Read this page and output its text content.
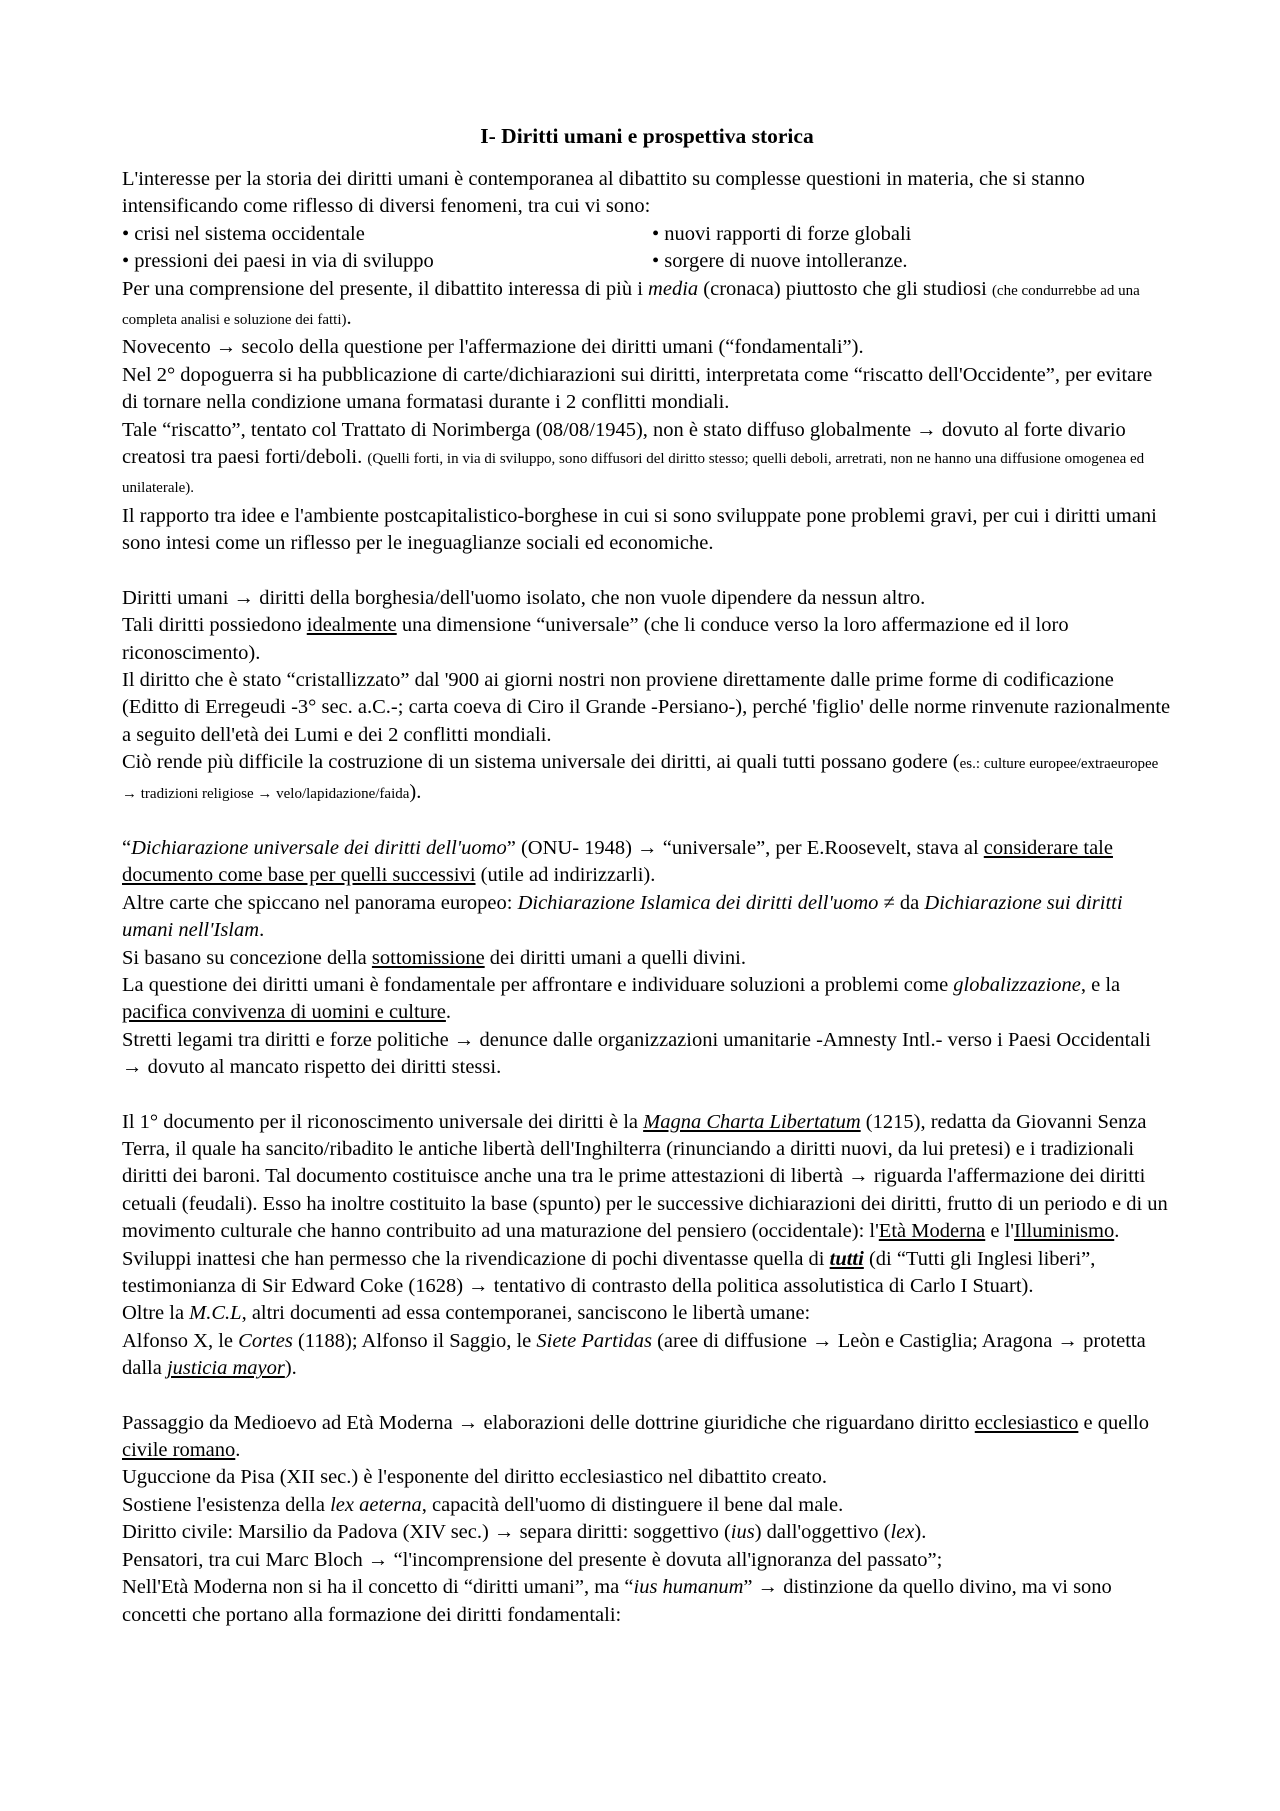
I- Diritti umani e prospettiva storica

L'interesse per la storia dei diritti umani è contemporanea al dibattito su complesse questioni in materia, che si stanno intensificando come riflesso di diversi fenomeni, tra cui vi sono:

• crisi nel sistema occidentale	• nuovi rapporti di forze globali
• pressioni dei paesi in via di sviluppo	• sorgere di nuove intolleranze.

Per una comprensione del presente, il dibattito interessa di più i media (cronaca) piuttosto che gli studiosi (che condurrebbe ad una completa analisi e soluzione dei fatti).

Novecento → secolo della questione per l'affermazione dei diritti umani (“fondamentali”).

Nel 2° dopoguerra si ha pubblicazione di carte/dichiarazioni sui diritti, interpretata come “riscatto dell'Occidente”, per evitare di tornare nella condizione umana formatasi durante i 2 conflitti mondiali.

Tale “riscatto”, tentato col Trattato di Norimberga (08/08/1945), non è stato diffuso globalmente → dovuto al forte divario creatosi tra paesi forti/deboli. (Quelli forti, in via di sviluppo, sono diffusori del diritto stesso; quelli deboli, arretrati, non ne hanno una diffusione omogenea ed unilaterale).

Il rapporto tra idee e l'ambiente postcapitalistico-borghese in cui si sono sviluppate pone problemi gravi, per cui i diritti umani sono intesi come un riflesso per le ineguaglianze sociali ed economiche.

Diritti umani → diritti della borghesia/dell'uomo isolato, che non vuole dipendere da nessun altro.

Tali diritti possiedono idealmente una dimensione “universale” (che li conduce verso la loro affermazione ed il loro riconoscimento).

Il diritto che è stato “cristallizzato” dal '900 ai giorni nostri non proviene direttamente dalle prime forme di codificazione (Editto di Erregeudi -3° sec. a.C.-; carta coeva di Ciro il Grande -Persiano-), perché 'figlio' delle norme rinvenute razionalmente a seguito dell'età dei Lumi e dei 2 conflitti mondiali.

Ciò rende più difficile la costruzione di un sistema universale dei diritti, ai quali tutti possano godere (es.: culture europee/extraeuropee → tradizioni religiose → velo/lapidazione/faida).

“Dichiarazione universale dei diritti dell'uomo” (ONU- 1948) → “universale”, per E.Roosevelt, stava al considerare tale documento come base per quelli successivi (utile ad indirizzarli).

Altre carte che spiccano nel panorama europeo: Dichiarazione Islamica dei diritti dell'uomo ≠ da Dichiarazione sui diritti umani nell'Islam.

Si basano su concezione della sottomissione dei diritti umani a quelli divini.

La questione dei diritti umani è fondamentale per affrontare e individuare soluzioni a problemi come globalizzazione, e la pacifica convivenza di uomini e culture.

Stretti legami tra diritti e forze politiche → denunce dalle organizzazioni umanitarie -Amnesty Intl.- verso i Paesi Occidentali → dovuto al mancato rispetto dei diritti stessi.

Il 1° documento per il riconoscimento universale dei diritti è la Magna Charta Libertatum (1215), redatta da Giovanni Senza Terra, il quale ha sancito/ribadito le antiche libertà dell'Inghilterra (rinunciando a diritti nuovi, da lui pretesi) e i tradizionali diritti dei baroni. Tal documento costituisce anche una tra le prime attestazioni di libertà → riguarda l'affermazione dei diritti cetuali (feudali). Esso ha inoltre costituito la base (spunto) per le successive dichiarazioni dei diritti, frutto di un periodo e di un movimento culturale che hanno contribuito ad una maturazione del pensiero (occidentale): l'Età Moderna e l'Illuminismo.

Sviluppi inattesi che han permesso che la rivendicazione di pochi diventasse quella di tutti (di “Tutti gli Inglesi liberi”, testimonianza di Sir Edward Coke (1628) → tentativo di contrasto della politica assolutistica di Carlo I Stuart).

Oltre la M.C.L, altri documenti ad essa contemporanei, sanciscono le libertà umane:

Alfonso X, le Cortes (1188); Alfonso il Saggio, le Siete Partidas (aree di diffusione → Leòn e Castiglia; Aragona → protetta dalla justicia mayor).

Passaggio da Medioevo ad Età Moderna → elaborazioni delle dottrine giuridiche che riguardano diritto ecclesiastico e quello civile romano.

Uguccione da Pisa (XII sec.) è l'esponente del diritto ecclesiastico nel dibattito creato.

Sostiene l'esistenza della lex aeterna, capacità dell'uomo di distinguere il bene dal male.

Diritto civile: Marsilio da Padova (XIV sec.) → separa diritti: soggettivo (ius) dall'oggettivo (lex).

Pensatori, tra cui Marc Bloch → “l'incomprensione del presente è dovuta all'ignoranza del passato”;

Nell'Età Moderna non si ha il concetto di “diritti umani”, ma “ius humanum” → distinzione da quello divino, ma vi sono concetti che portano alla formazione dei diritti fondamentali:
